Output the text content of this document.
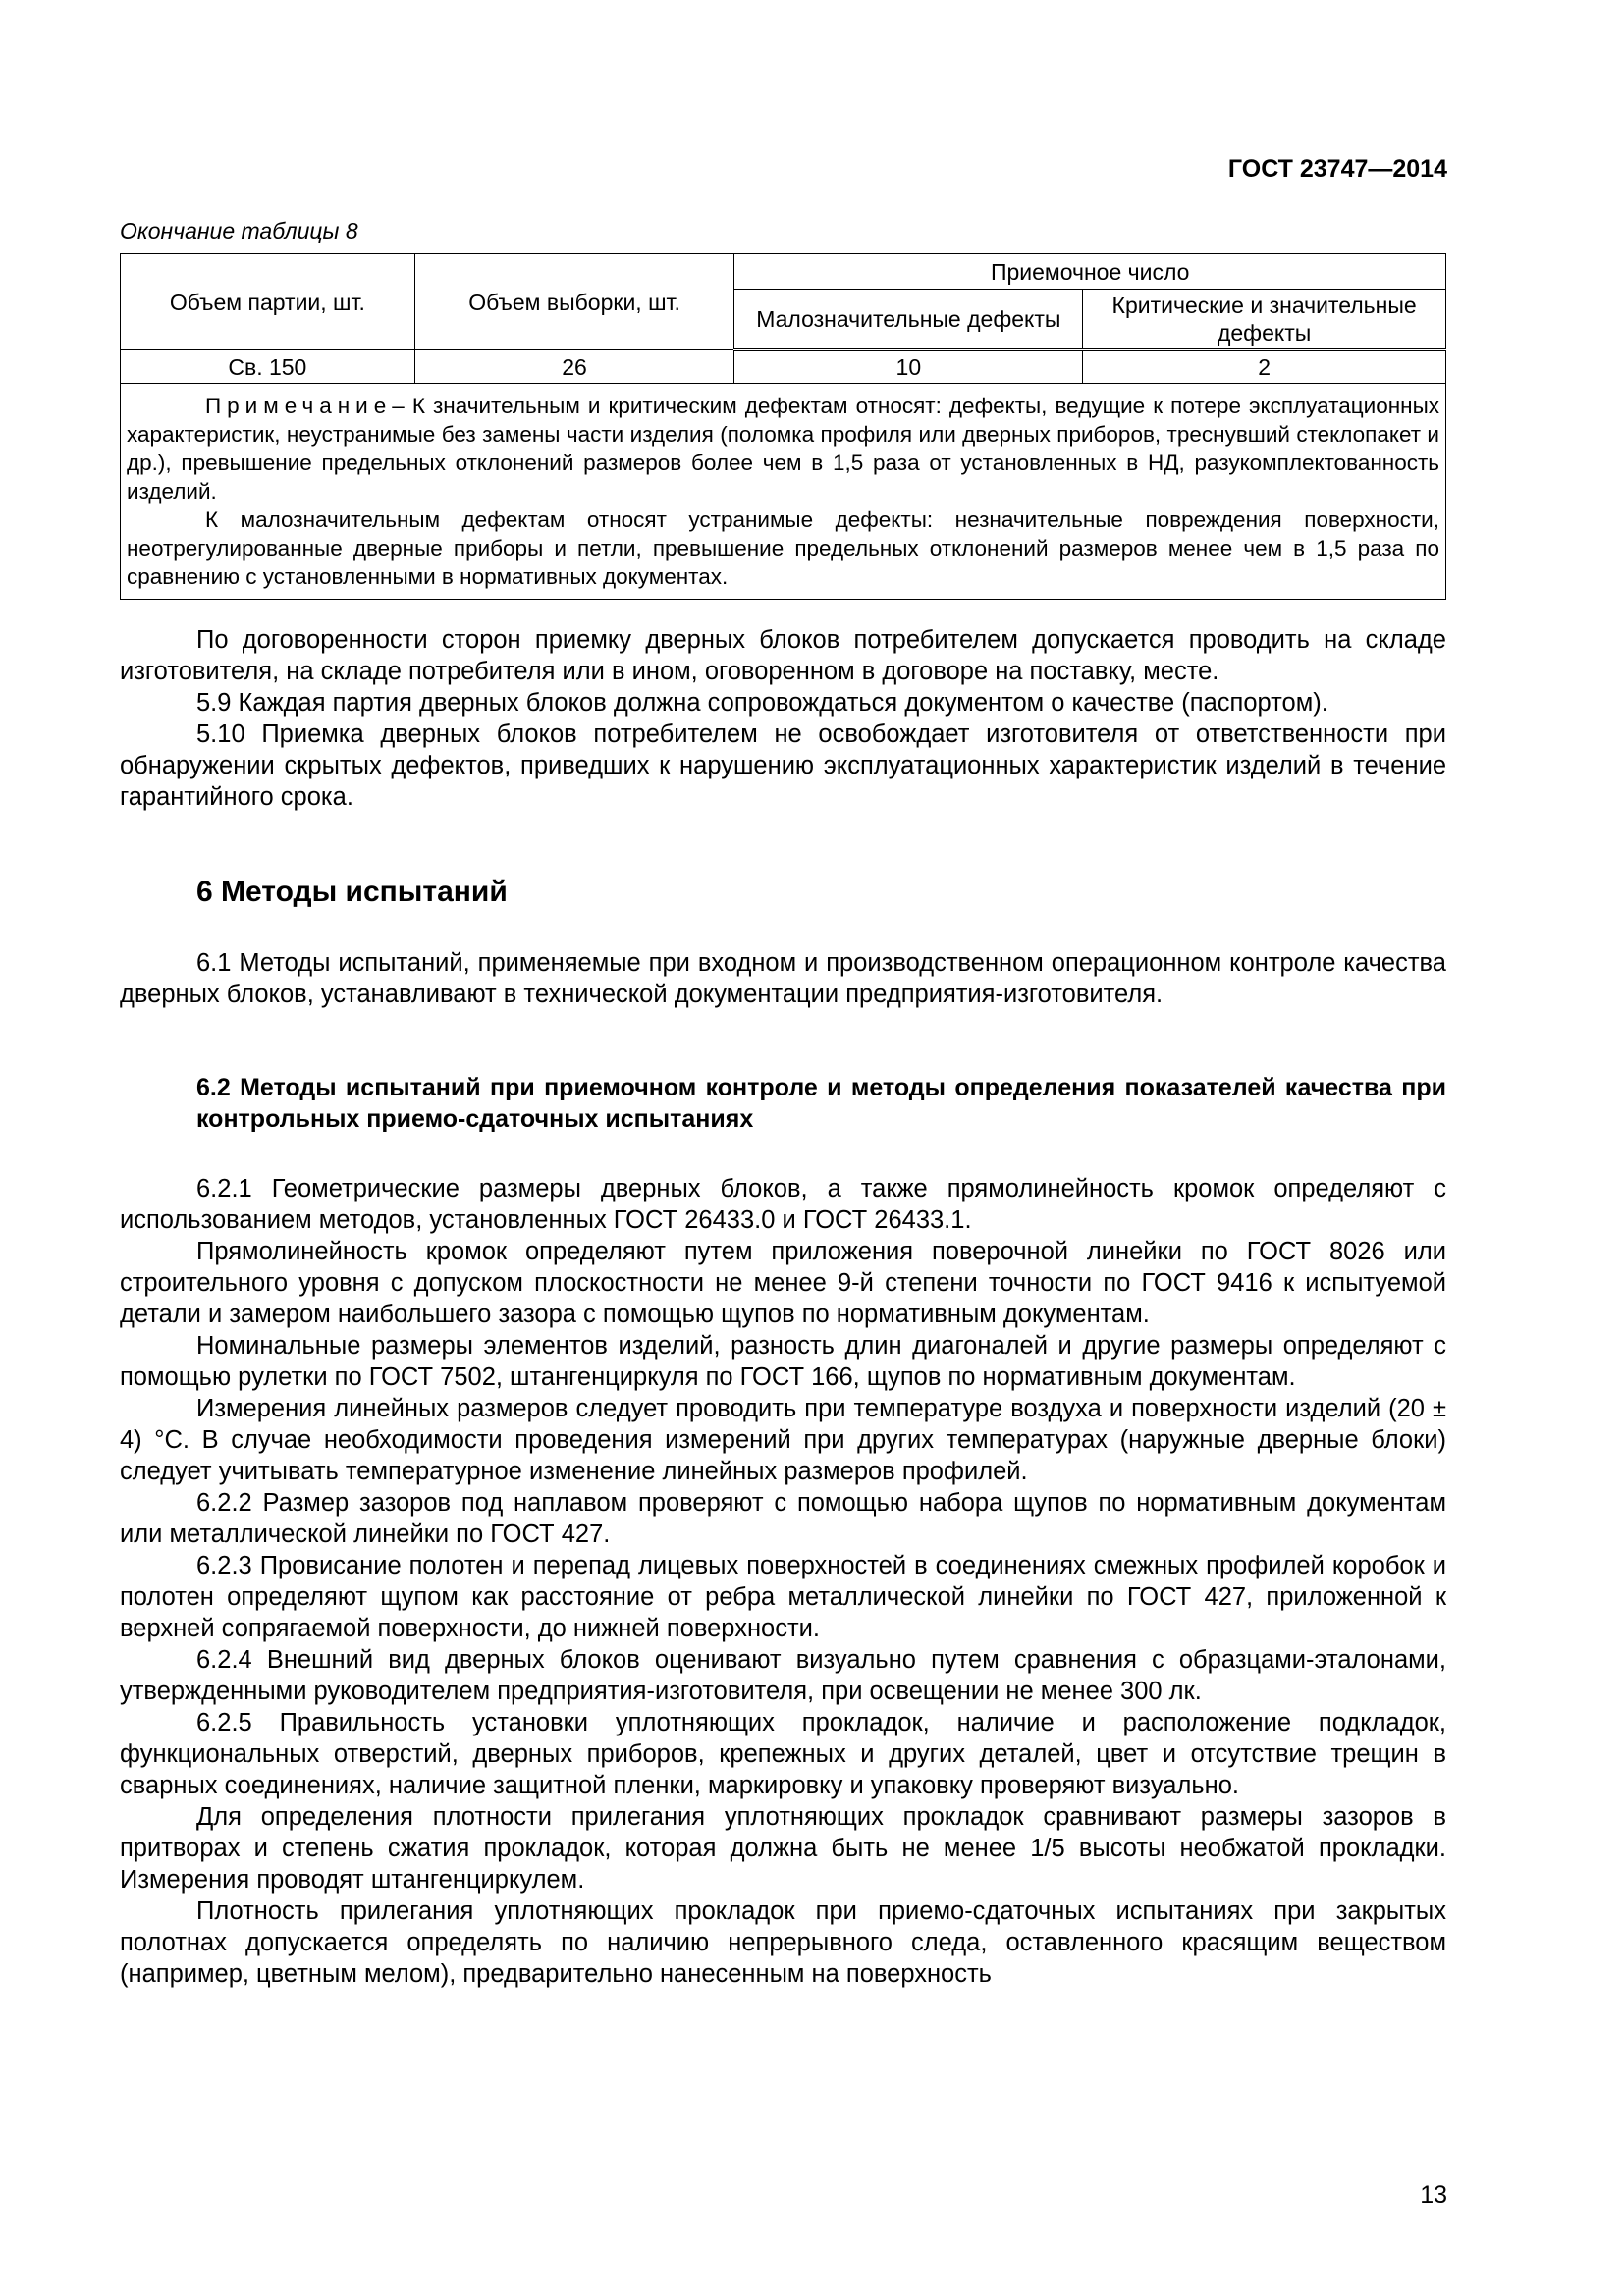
ГОСТ 23747—2014
Окончание таблицы 8
Объем партии, шт.	Объем выборки, шт.	Приемочное число	
		Малозначительные дефекты	Критические и значительные дефекты
Св. 150	26	10	2

Примечание– К значительным и критическим дефектам относят: дефекты, ведущие к потере эксплуатационных характеристик, неустранимые без замены части изделия (поломка профиля или дверных приборов, треснувший стеклопакет и др.), превышение предельных отклонений размеров более чем в 1,5 раза от установленных в НД, разукомплектованность изделий.

К малозначительным дефектам относят устранимые дефекты: незначительные повреждения поверхности, неотрегулированные дверные приборы и петли, превышение предельных отклонений размеров менее чем в 1,5 раза по сравнению с установленными в нормативных документах.			

По договоренности сторон приемку дверных блоков потребителем допускается проводить на складе изготовителя, на складе потребителя или в ином, оговоренном в договоре на поставку, месте.

5.9 Каждая партия дверных блоков должна сопровождаться документом о качестве (паспортом).

5.10 Приемка дверных блоков потребителем не освобождает изготовителя от ответственности при обнаружении скрытых дефектов, приведших к нарушению эксплуатационных характеристик изделий в течение гарантийного срока.

6 Методы испытаний

6.1 Методы испытаний, применяемые при входном и производственном операционном контроле качества дверных блоков, устанавливают в технической документации предприятия-изготовителя.

6.2 Методы испытаний при приемочном контроле и методы определения показателей качества при контрольных приемо-сдаточных испытаниях

6.2.1 Геометрические размеры дверных блоков, а также прямолинейность кромок определяют с использованием методов, установленных ГОСТ 26433.0 и ГОСТ 26433.1.

Прямолинейность кромок определяют путем приложения поверочной линейки по ГОСТ 8026 или строительного уровня с допуском плоскостности не менее 9-й степени точности по ГОСТ 9416 к испытуемой детали и замером наибольшего зазора с помощью щупов по нормативным документам.

Номинальные размеры элементов изделий, разность длин диагоналей и другие размеры определяют с помощью рулетки по ГОСТ 7502, штангенциркуля по ГОСТ 166, щупов по нормативным документам.

Измерения линейных размеров следует проводить при температуре воздуха и поверхности изделий (20 ± 4) °С. В случае необходимости проведения измерений при других температурах (наружные дверные блоки) следует учитывать температурное изменение линейных размеров профилей.

6.2.2 Размер зазоров под наплавом проверяют с помощью набора щупов по нормативным документам или металлической линейки по ГОСТ 427.

6.2.3 Провисание полотен и перепад лицевых поверхностей в соединениях смежных профилей коробок и полотен определяют щупом как расстояние от ребра металлической линейки по ГОСТ 427, приложенной к верхней сопрягаемой поверхности, до нижней поверхности.

6.2.4 Внешний вид дверных блоков оценивают визуально путем сравнения с образцами-эталонами, утвержденными руководителем предприятия-изготовителя, при освещении не менее 300 лк.

6.2.5 Правильность установки уплотняющих прокладок, наличие и расположение подкладок, функциональных отверстий, дверных приборов, крепежных и других деталей, цвет и отсутствие трещин в сварных соединениях, наличие защитной пленки, маркировку и упаковку проверяют визуально.

Для определения плотности прилегания уплотняющих прокладок сравнивают размеры зазоров в притворах и степень сжатия прокладок, которая должна быть не менее 1/5 высоты необжатой прокладки. Измерения проводят штангенциркулем.

Плотность прилегания уплотняющих прокладок при приемо-сдаточных испытаниях при закрытых полотнах допускается определять по наличию непрерывного следа, оставленного красящим веществом (например, цветным мелом), предварительно нанесенным на поверхность

13
